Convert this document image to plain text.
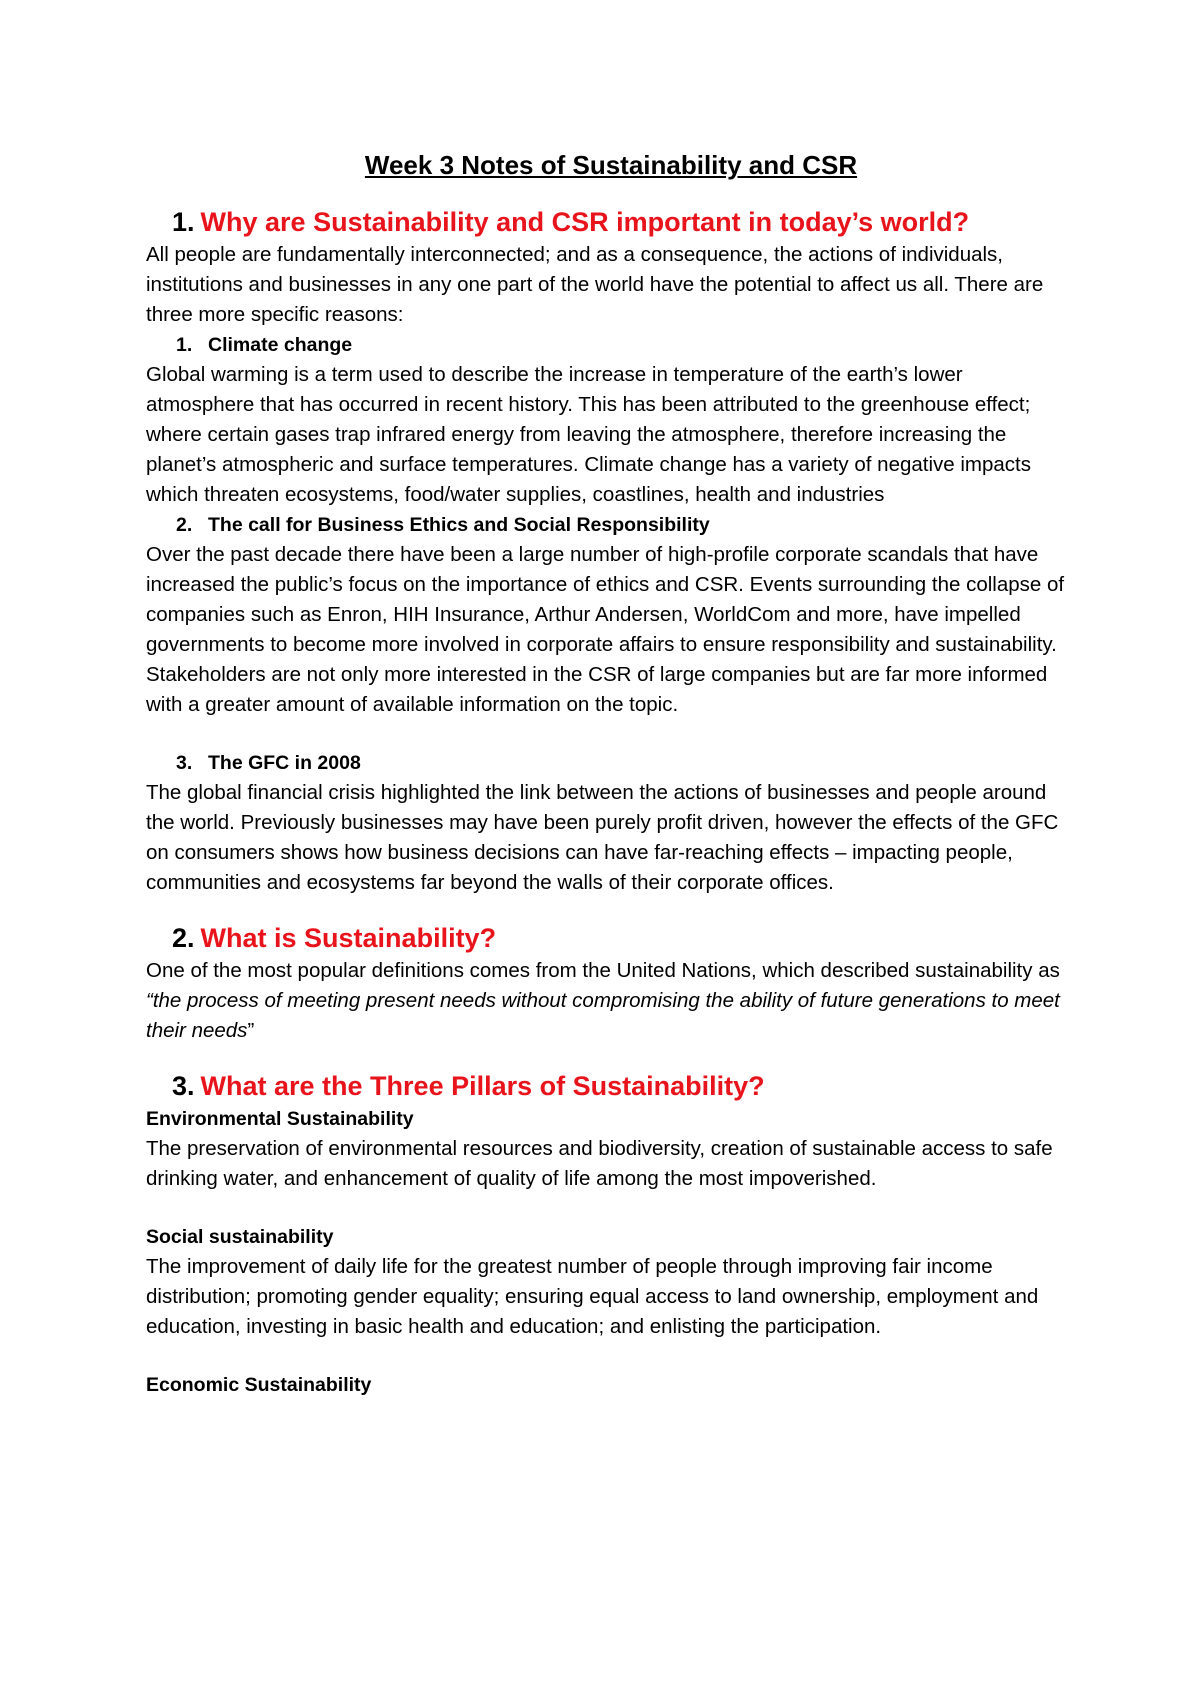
Week 3 Notes of Sustainability and CSR
1. Why are Sustainability and CSR important in today’s world?

All people are fundamentally interconnected; and as a consequence, the actions of individuals, institutions and businesses in any one part of the world have the potential to affect us all. There are three more specific reasons:

1. Climate change

Global warming is a term used to describe the increase in temperature of the earth’s lower atmosphere that has occurred in recent history. This has been attributed to the greenhouse effect; where certain gases trap infrared energy from leaving the atmosphere, therefore increasing the planet’s atmospheric and surface temperatures. Climate change has a variety of negative impacts which threaten ecosystems, food/water supplies, coastlines, health and industries

2. The call for Business Ethics and Social Responsibility

Over the past decade there have been a large number of high-profile corporate scandals that have increased the public’s focus on the importance of ethics and CSR. Events surrounding the collapse of companies such as Enron, HIH Insurance, Arthur Andersen, WorldCom and more, have impelled governments to become more involved in corporate affairs to ensure responsibility and sustainability. Stakeholders are not only more interested in the CSR of large companies but are far more informed with a greater amount of available information on the topic.

3. The GFC in 2008

The global financial crisis highlighted the link between the actions of businesses and people around the world. Previously businesses may have been purely profit driven, however the effects of the GFC on consumers shows how business decisions can have far-reaching effects – impacting people, communities and ecosystems far beyond the walls of their corporate offices.

2. What is Sustainability?

One of the most popular definitions comes from the United Nations, which described sustainability as “the process of meeting present needs without compromising the ability of future generations to meet their needs”

3. What are the Three Pillars of Sustainability?
Environmental Sustainability

The preservation of environmental resources and biodiversity, creation of sustainable access to safe drinking water, and enhancement of quality of life among the most impoverished.

Social sustainability

The improvement of daily life for the greatest number of people through improving fair income distribution; promoting gender equality; ensuring equal access to land ownership, employment and education, investing in basic health and education; and enlisting the participation.

Economic Sustainability
